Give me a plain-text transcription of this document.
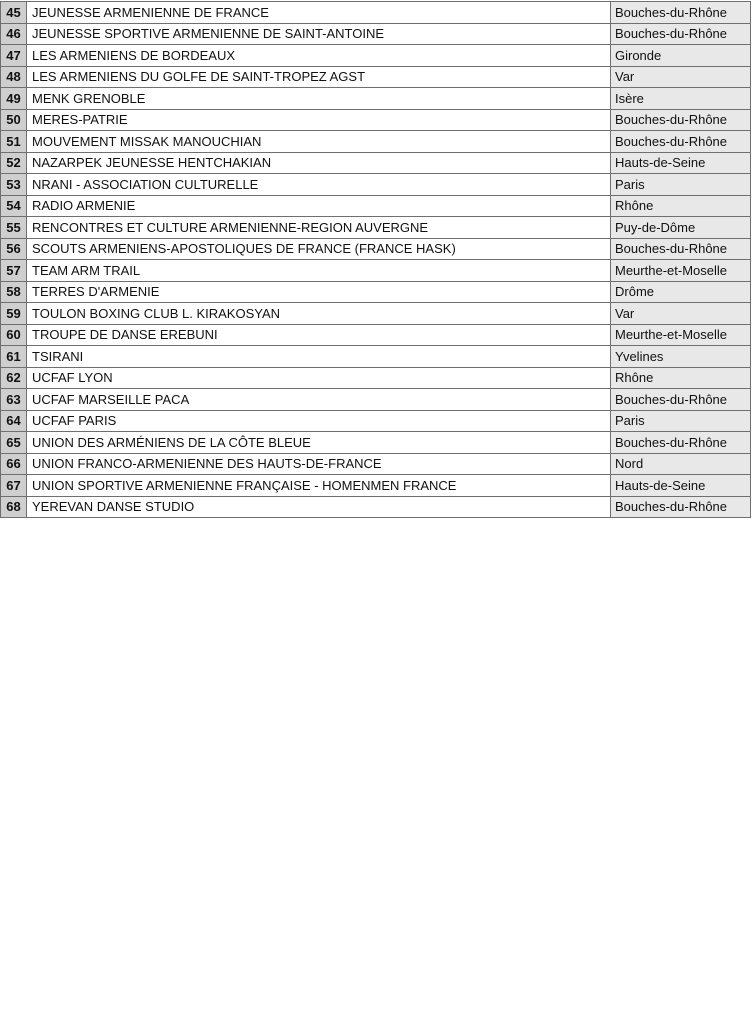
45	JEUNESSE ARMENIENNE DE FRANCE	Bouches-du-Rhône
46	JEUNESSE SPORTIVE ARMENIENNE DE SAINT-ANTOINE	Bouches-du-Rhône
47	LES ARMENIENS DE BORDEAUX	Gironde
48	LES ARMENIENS DU GOLFE DE SAINT-TROPEZ AGST	Var
49	MENK GRENOBLE	Isère
50	MERES-PATRIE	Bouches-du-Rhône
51	MOUVEMENT MISSAK MANOUCHIAN	Bouches-du-Rhône
52	NAZARPEK JEUNESSE HENTCHAKIAN	Hauts-de-Seine
53	NRANI - ASSOCIATION CULTURELLE	Paris
54	RADIO ARMENIE	Rhône
55	RENCONTRES ET CULTURE ARMENIENNE-REGION AUVERGNE	Puy-de-Dôme
56	SCOUTS ARMENIENS-APOSTOLIQUES DE FRANCE (FRANCE HASK)	Bouches-du-Rhône
57	TEAM ARM TRAIL	Meurthe-et-Moselle
58	TERRES D'ARMENIE	Drôme
59	TOULON BOXING CLUB L. KIRAKOSYAN	Var
60	TROUPE DE DANSE EREBUNI	Meurthe-et-Moselle
61	TSIRANI	Yvelines
62	UCFAF LYON	Rhône
63	UCFAF MARSEILLE PACA	Bouches-du-Rhône
64	UCFAF PARIS	Paris
65	UNION DES ARMÉNIENS DE LA CÔTE BLEUE	Bouches-du-Rhône
66	UNION FRANCO-ARMENIENNE DES HAUTS-DE-FRANCE	Nord
67	UNION SPORTIVE ARMENIENNE FRANÇAISE - HOMENMEN FRANCE	Hauts-de-Seine
68	YEREVAN DANSE STUDIO	Bouches-du-Rhône
